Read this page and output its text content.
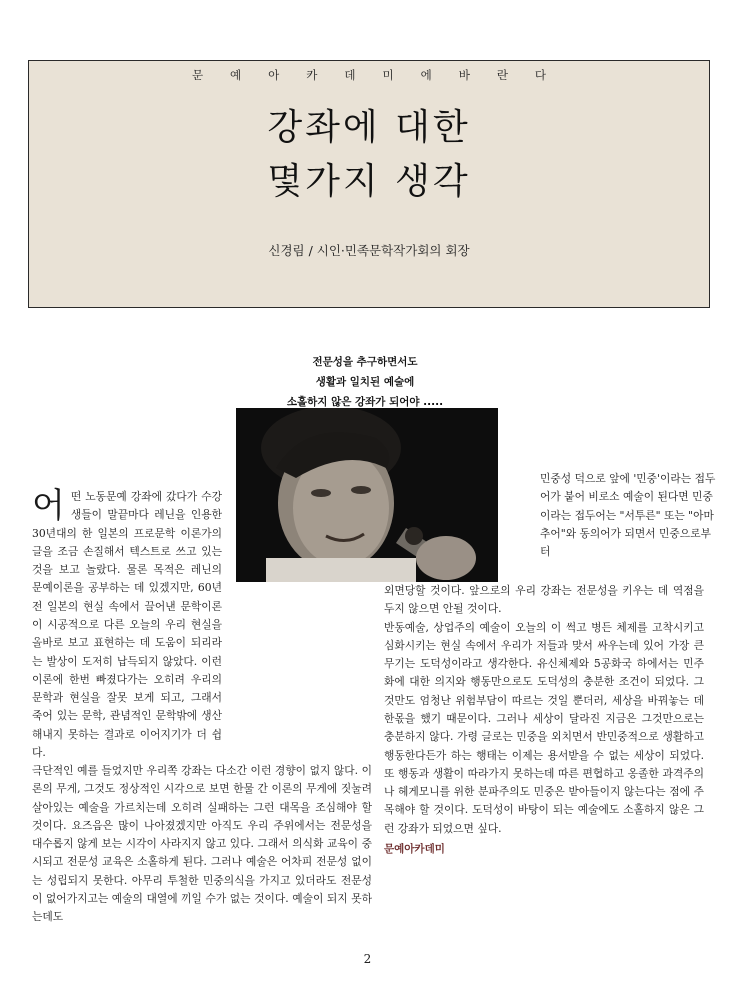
문예아카데미에바란다
강좌에 대한
몇가지 생각
신경림 / 시인·민족문학작가회의 회장
전문성을 추구하면서도
생활과 일치된 예술에
소홀하지 않은 강좌가 되어야 .....

어떤 노동문예 강좌에 갔다가 수강생들이 말끝마다 레닌을 인용한 30년대의 한 일본의 프로문학 이론가의 글을 조금 손질해서 텍스트로 쓰고 있는 것을 보고 놀랐다. 물론 목적은 레닌의 문예이론을 공부하는 데 있겠지만, 60년 전 일본의 현실 속에서 끌어낸 문학이론이 시공적으로 다른 오늘의 우리 현실을 올바로 보고 표현하는 데 도움이 되리라는 발상이 도저히 납득되지 않았다. 이런 이론에 한번 빠졌다가는 오히려 우리의 문학과 현실을 잘못 보게 되고, 그래서 죽어 있는 문학, 관념적인 문학밖에 생산해내지 못하는 결과로 이어지기가 더 쉽다.

민중성 덕으로 앞에 '민중'이라는 접두어가 붙어 비로소 예술이 된다면 민중이라는 접두어는 "서투른" 또는 "아마추어"와 동의어가 되면서 민중으로부터

외면당할 것이다. 앞으로의 우리 강좌는 전문성을 키우는 데 역점을 두지 않으면 안될 것이다.

반동예술, 상업주의 예술이 오늘의 이 썩고 병든 체제를 고착시키고 심화시키는 현실 속에서 우리가 저들과 맞서 싸우는데 있어 가장 큰 무기는 도덕성이라고 생각한다. 유신체제와 5공화국 하에서는 민주화에 대한 의지와 행동만으로도 도덕성의 충분한 조건이 되었다. 그것만도 엄청난 위험부담이 따르는 것일 뿐더러, 세상을 바꿔놓는 데 한몫을 했기 때문이다. 그러나 세상이 달라진 지금은 그것만으로는 충분하지 않다. 가령 글로는 민중을 외치면서 반민중적으로 생활하고 행동한다든가 하는 행태는 이제는 용서받을 수 없는 세상이 되었다. 또 행동과 생활이 따라가지 못하는데 따른 편협하고 옹졸한 과격주의나 헤게모니를 위한 분파주의도 민중은 받아들이지 않는다는 점에 주목해야 할 것이다. 도덕성이 바탕이 되는 예술에도 소홀하지 않은 그런 강좌가 되었으면 싶다.

문예아카데미

극단적인 예를 들었지만 우리쪽 강좌는 다소간 이런 경향이 없지 않다. 이론의 무게, 그것도 정상적인 시각으로 보면 한물 간 이론의 무게에 짓눌려 살아있는 예술을 가르치는데 오히려 실패하는 그런 대목을 조심해야 할 것이다. 요즈음은 많이 나아졌겠지만 아직도 우리 주위에서는 전문성을 대수롭지 않게 보는 시각이 사라지지 않고 있다. 그래서 의식화 교육이 중시되고 전문성 교육은 소홀하게 된다. 그러나 예술은 어차피 전문성 없이는 성립되지 못한다. 아무리 투철한 민중의식을 가지고 있더라도 전문성이 없어가지고는 예술의 대열에 끼일 수가 없는 것이다. 예술이 되지 못하는데도

2
